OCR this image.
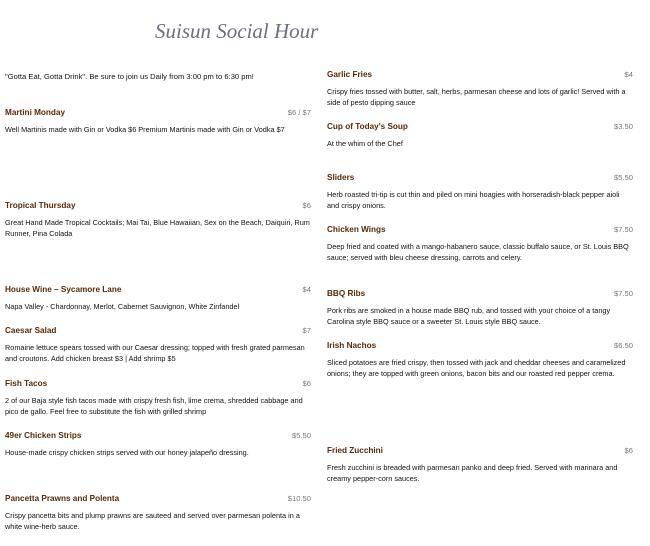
Suisun Social Hour
"Gotta Eat, Gotta Drink". Be sure to join us Daily from 3:00 pm to 6:30 pm!
Martini Monday	$6 / $7
Well Martinis made with Gin or Vodka $6 Premium Martinis made with Gin or Vodka $7
Tropical Thursday	$6
Great Hand Made Tropical Cocktails; Mai Tai, Blue Hawaiian, Sex on the Beach, Daiquiri, Rum Runner, Pina Colada
House Wine – Sycamore Lane	$4
Napa Valley - Chardonnay, Merlot, Cabernet Sauvignon, White Zinfandel
Caesar Salad	$7
Romaine lettuce spears tossed with our Caesar dressing; topped with fresh grated parmesan and croutons. Add chicken breast $3 | Add shrimp $5
Fish Tacos	$6
2 of our Baja style fish tacos made with crispy fresh fish, lime crema, shredded cabbage and pico de gallo. Feel free to substitute the fish with grilled shrimp
49er Chicken Strips	$5.50
House-made crispy chicken strips served with our honey jalapeño dressing.
Pancetta Prawns and Polenta	$10.50
Crispy pancetta bits and plump prawns are sauteed and served over parmesan polenta in a white wine-herb sauce.
Garlic Fries	$4
Crispy fries tossed with butter, salt, herbs, parmesan cheese and lots of garlic! Served with a side of pesto dipping sauce
Cup of Today's Soup	$3.50
At the whim of the Chef
Sliders	$5.50
Herb roasted tri-tip is cut thin and piled on mini hoagies with horseradish-black pepper aioli and crispy onions.
Chicken Wings	$7.50
Deep fried and coated with a mango-habanero sauce, classic buffalo sauce, or St. Louis BBQ sauce; served with bleu cheese dressing, carrots and celery.
BBQ Ribs	$7.50
Pork ribs are smoked in a house made BBQ rub, and tossed with your choice of a tangy Carolina style BBQ sauce or a sweeter St. Louis style BBQ sauce.
Irish Nachos	$6.50
Sliced potatoes are fried crispy, then tossed with jack and cheddar cheeses and caramelized onions; they are topped with green onions, bacon bits and our roasted red pepper crema.
Fried Zucchini	$6
Fresh zucchini is breaded with parmesan panko and deep fried. Served with marinara and creamy pepper-corn sauces.
